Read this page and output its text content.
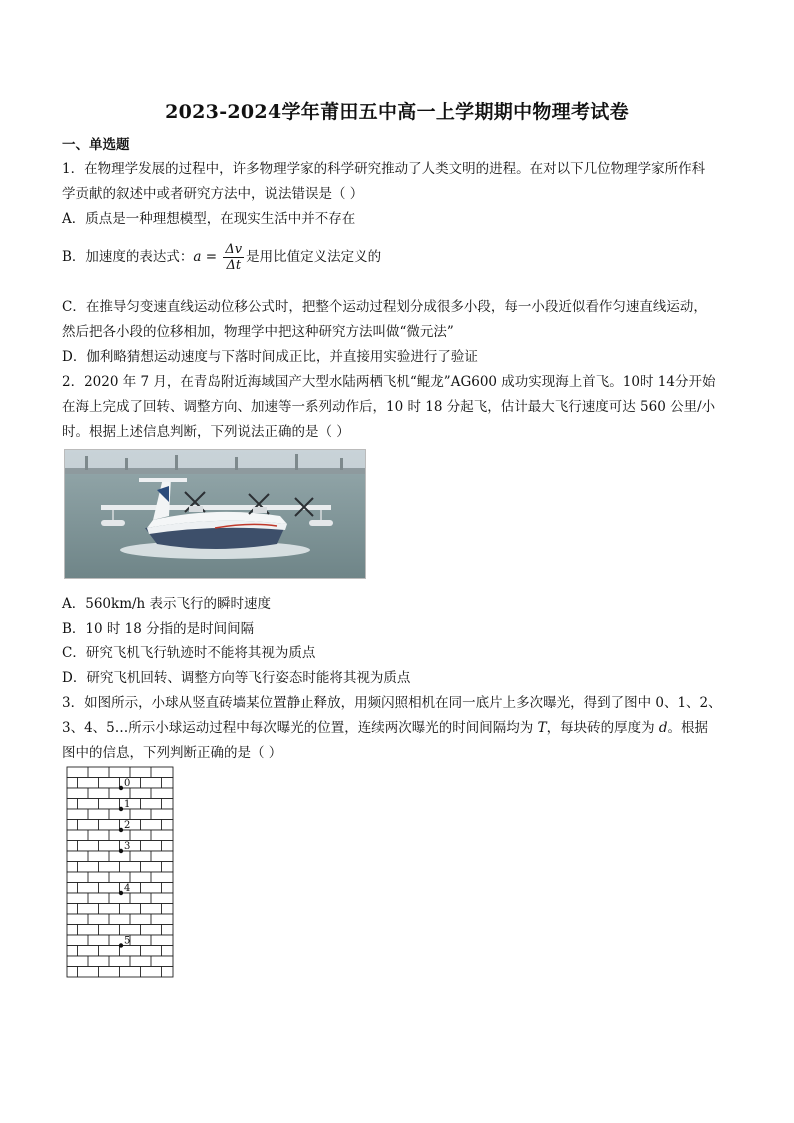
2023-2024学年莆田五中高一上学期期中物理考试卷
一、单选题
1．在物理学发展的过程中，许多物理学家的科学研究推动了人类文明的进程。在对以下几位物理学家所作科
学贡献的叙述中或者研究方法中，说法错误是（ ）
A．质点是一种理想模型，在现实生活中并不存在
B．加速度的表达式：$a = \frac{\Delta v}{\Delta t}$ 是用比值定义法定义的
C．在推导匀变速直线运动位移公式时，把整个运动过程划分成很多小段，每一小段近似看作匀速直线运动，
然后把各小段的位移相加，物理学中把这种研究方法叫做“微元法”
D．伽利略猜想运动速度与下落时间成正比，并直接用实验进行了验证
2．2020 年 7 月，在青岛附近海域国产大型水陆两栖飞机“鲲龙”AG600 成功实现海上首飞。10时 14分开始
在海上完成了回转、调整方向、加速等一系列动作后，10 时 18 分起飞，估计最大飞行速度可达 560 公里/小
时。根据上述信息判断，下列说法正确的是（ ）
A．560km/h 表示飞行的瞬时速度
B．10 时 18 分指的是时间间隔
C．研究飞机飞行轨迹时不能将其视为质点
D．研究飞机回转、调整方向等飞行姿态时能将其视为质点
3．如图所示，小球从竖直砖墙某位置静止释放，用频闪照相机在同一底片上多次曝光，得到了图中 0、1、2、
3、4、5…所示小球运动过程中每次曝光的位置，连续两次曝光的时间间隔均为 T，每块砖的厚度为 d。根据
图中的信息，下列判断正确的是（ ）
0
1
2
3
4
5
